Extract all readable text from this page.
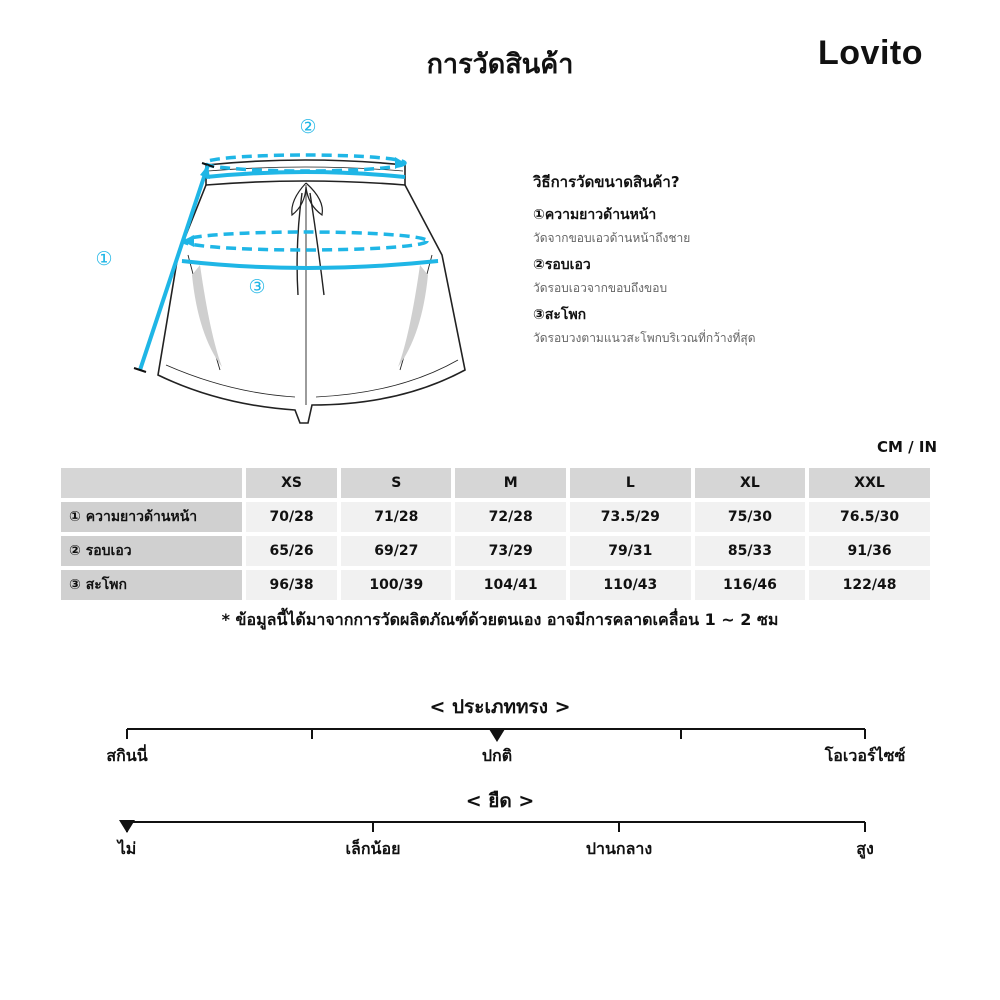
การวัดสินค้า	Lovito
②
①
③
วิธีการวัดขนาดสินค้า?
①ความยาวด้านหน้า
วัดจากขอบเอวด้านหน้าถึงชาย
②รอบเอว
วัดรอบเอวจากขอบถึงขอบ
③สะโพก
วัดรอบวงตามแนวสะโพกบริเวณที่กว้างที่สุด
CM / IN
	XS	S	M	L	XL	XXL
① ความยาวด้านหน้า	70/28	71/28	72/28	73.5/29	75/30	76.5/30
② รอบเอว	65/26	69/27	73/29	79/31	85/33	91/36
③ สะโพก	96/38	100/39	104/41	110/43	116/46	122/48
* ข้อมูลนี้ได้มาจากการวัดผลิตภัณฑ์ด้วยตนเอง อาจมีการคลาดเคลื่อน 1 ~ 2 ซม
< ประเภททรง >
สกินนี่	ปกติ	โอเวอร์ไซซ์
< ยืด >
ไม่	เล็กน้อย	ปานกลาง	สูง
